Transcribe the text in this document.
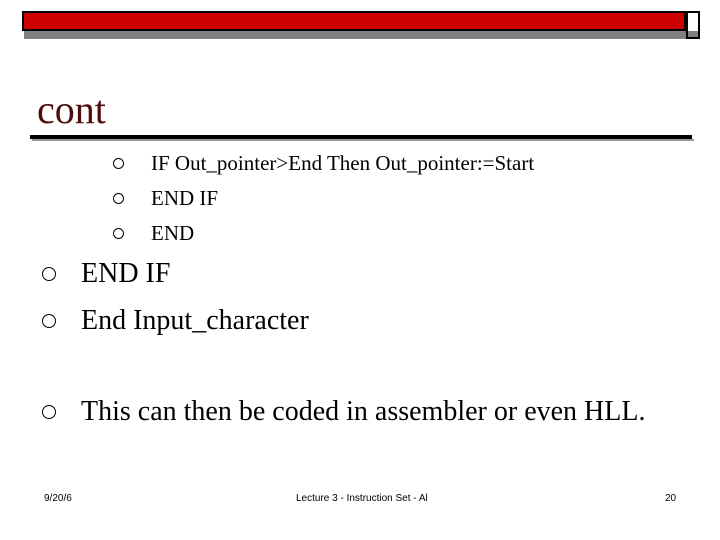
cont
IF Out_pointer>End Then Out_pointer:=Start
END IF
END
END IF
End Input_character
This can then be coded in assembler or even HLL.
9/20/6	Lecture 3 - Instruction Set - Al	20
